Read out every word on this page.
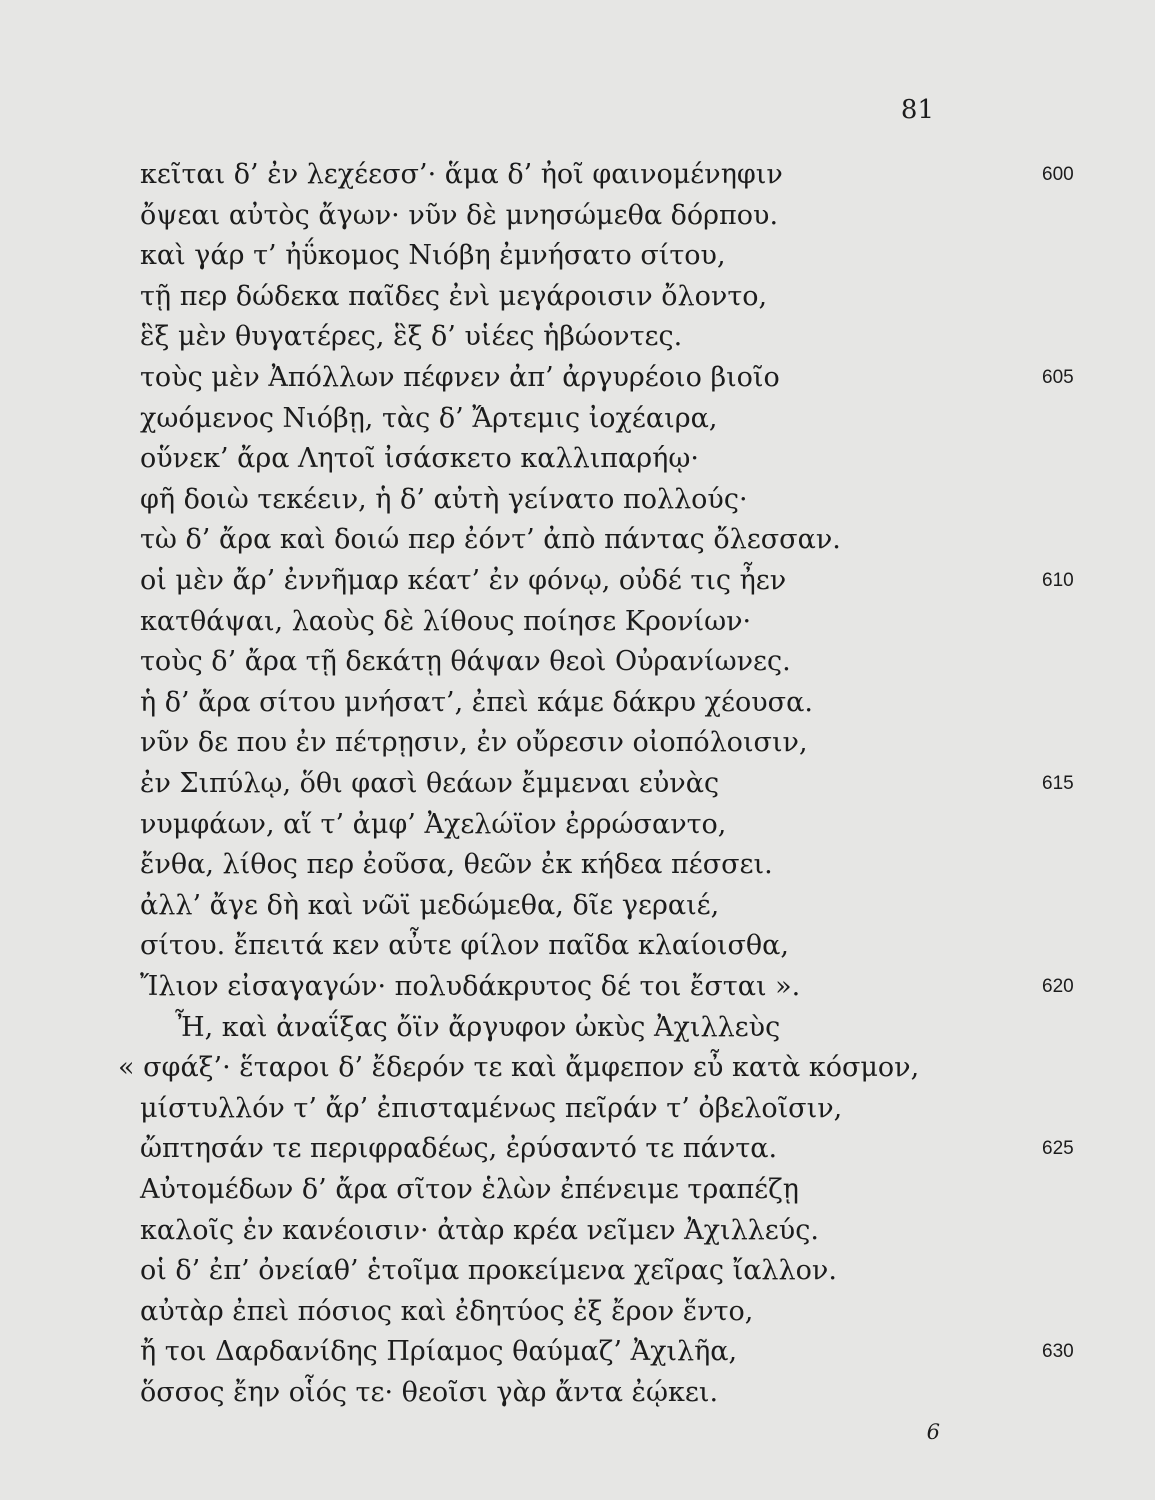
81
κεῖται δ’ ἐν λεχέεσσ’· ἅμα δ’ ἠοῖ φαινομένηφιν	600
ὄψεαι αὐτὸς ἄγων· νῦν δὲ μνησώμεθα δόρπου.
καὶ γάρ τ’ ἠΰκομος Νιόβη ἐμνήσατο σίτου,
τῇ περ δώδεκα παῖδες ἐνὶ μεγάροισιν ὄλοντο,
ἓξ μὲν θυγατέρες, ἓξ δ’ υἱέες ἡβώοντες.
τοὺς μὲν Ἀπόλλων πέφνεν ἀπ’ ἀργυρέοιο βιοῖο	605
χωόμενος Νιόβῃ, τὰς δ’ Ἄρτεμις ἰοχέαιρα,
οὕνεκ’ ἄρα Λητοῖ ἰσάσκετο καλλιπαρήῳ·
φῆ δοιὼ τεκέειν, ἡ δ’ αὐτὴ γείνατο πολλούς·
τὼ δ’ ἄρα καὶ δοιώ περ ἐόντ’ ἀπὸ πάντας ὄλεσσαν.
οἱ μὲν ἄρ’ ἐννῆμαρ κέατ’ ἐν φόνῳ, οὐδέ τις ἦεν	610
κατθάψαι, λαοὺς δὲ λίθους ποίησε Κρονίων·
τοὺς δ’ ἄρα τῇ δεκάτῃ θάψαν θεοὶ Οὐρανίωνες.
ἡ δ’ ἄρα σίτου μνήσατ’, ἐπεὶ κάμε δάκρυ χέουσα.
νῦν δε που ἐν πέτρῃσιν, ἐν οὔρεσιν οἰοπόλοισιν,
ἐν Σιπύλῳ, ὅθι φασὶ θεάων ἔμμεναι εὐνὰς	615
νυμφάων, αἵ τ’ ἀμφ’ Ἀχελώϊον ἐρρώσαντο,
ἔνθα, λίθος περ ἐοῦσα, θεῶν ἐκ κήδεα πέσσει.
ἀλλ’ ἄγε δὴ καὶ νῶϊ μεδώμεθα, δῖε γεραιέ,
σίτου. ἔπειτά κεν αὖτε φίλον παῖδα κλαίοισθα,
Ἴλιον εἰσαγαγών· πολυδάκρυτος δέ τοι ἔσται ».	620
Ἦ, καὶ ἀναΐξας ὄϊν ἄργυφον ὠκὺς Ἀχιλλεὺς
« σφάξ’· ἕταροι δ’ ἔδερόν τε καὶ ἄμφεπον εὖ κατὰ κόσμον,
μίστυλλόν τ’ ἄρ’ ἐπισταμένως πεῖράν τ’ ὀβελοῖσιν,
ὤπτησάν τε περιφραδέως, ἐρύσαντό τε πάντα.	625
Αὐτομέδων δ’ ἄρα σῖτον ἑλὼν ἐπένειμε τραπέζῃ
καλοῖς ἐν κανέοισιν· ἀτὰρ κρέα νεῖμεν Ἀχιλλεύς.
οἱ δ’ ἐπ’ ὀνείαθ’ ἑτοῖμα προκείμενα χεῖρας ἴαλλον.
αὐτὰρ ἐπεὶ πόσιος καὶ ἐδητύος ἐξ ἔρον ἕντο,
ἤ τοι Δαρδανίδης Πρίαμος θαύμαζ’ Ἀχιλῆα,	630
ὅσσος ἔην οἷός τε· θεοῖσι γὰρ ἄντα ἐῴκει.
6
